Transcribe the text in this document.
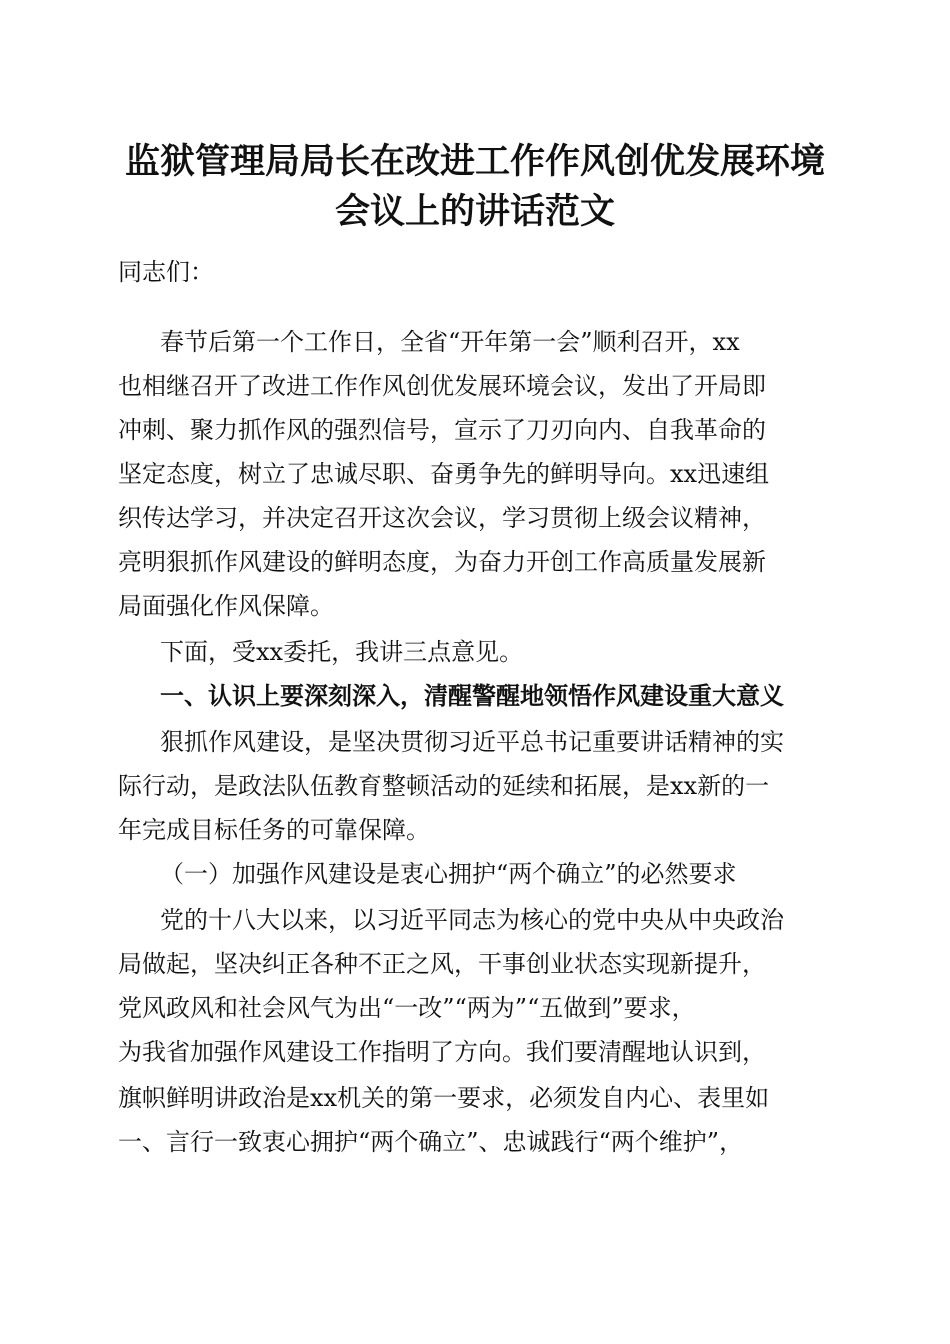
监狱管理局局长在改进工作作风创优发展环境
会议上的讲话范文
同志们：
春节后第一个工作日，全省“开年第一会”顺利召开，xx
也相继召开了改进工作作风创优发展环境会议，发出了开局即
冲刺、聚力抓作风的强烈信号，宣示了刀刃向内、自我革命的
坚定态度，树立了忠诚尽职、奋勇争先的鲜明导向。xx迅速组
织传达学习，并决定召开这次会议，学习贯彻上级会议精神，
亮明狠抓作风建设的鲜明态度，为奋力开创工作高质量发展新
局面强化作风保障。
下面，受xx委托，我讲三点意见。
一、认识上要深刻深入，清醒警醒地领悟作风建设重大意义
狠抓作风建设，是坚决贯彻习近平总书记重要讲话精神的实
际行动，是政法队伍教育整顿活动的延续和拓展，是xx新的一
年完成目标任务的可靠保障。
（一）加强作风建设是衷心拥护“两个确立”的必然要求
党的十八大以来，以习近平同志为核心的党中央从中央政治
局做起，坚决纠正各种不正之风，干事创业状态实现新提升，
党风政风和社会风气为出“一改”“两为”“五做到”要求，
为我省加强作风建设工作指明了方向。我们要清醒地认识到，
旗帜鲜明讲政治是xx机关的第一要求，必须发自内心、表里如
一、言行一致衷心拥护“两个确立”、忠诚践行“两个维护”，
